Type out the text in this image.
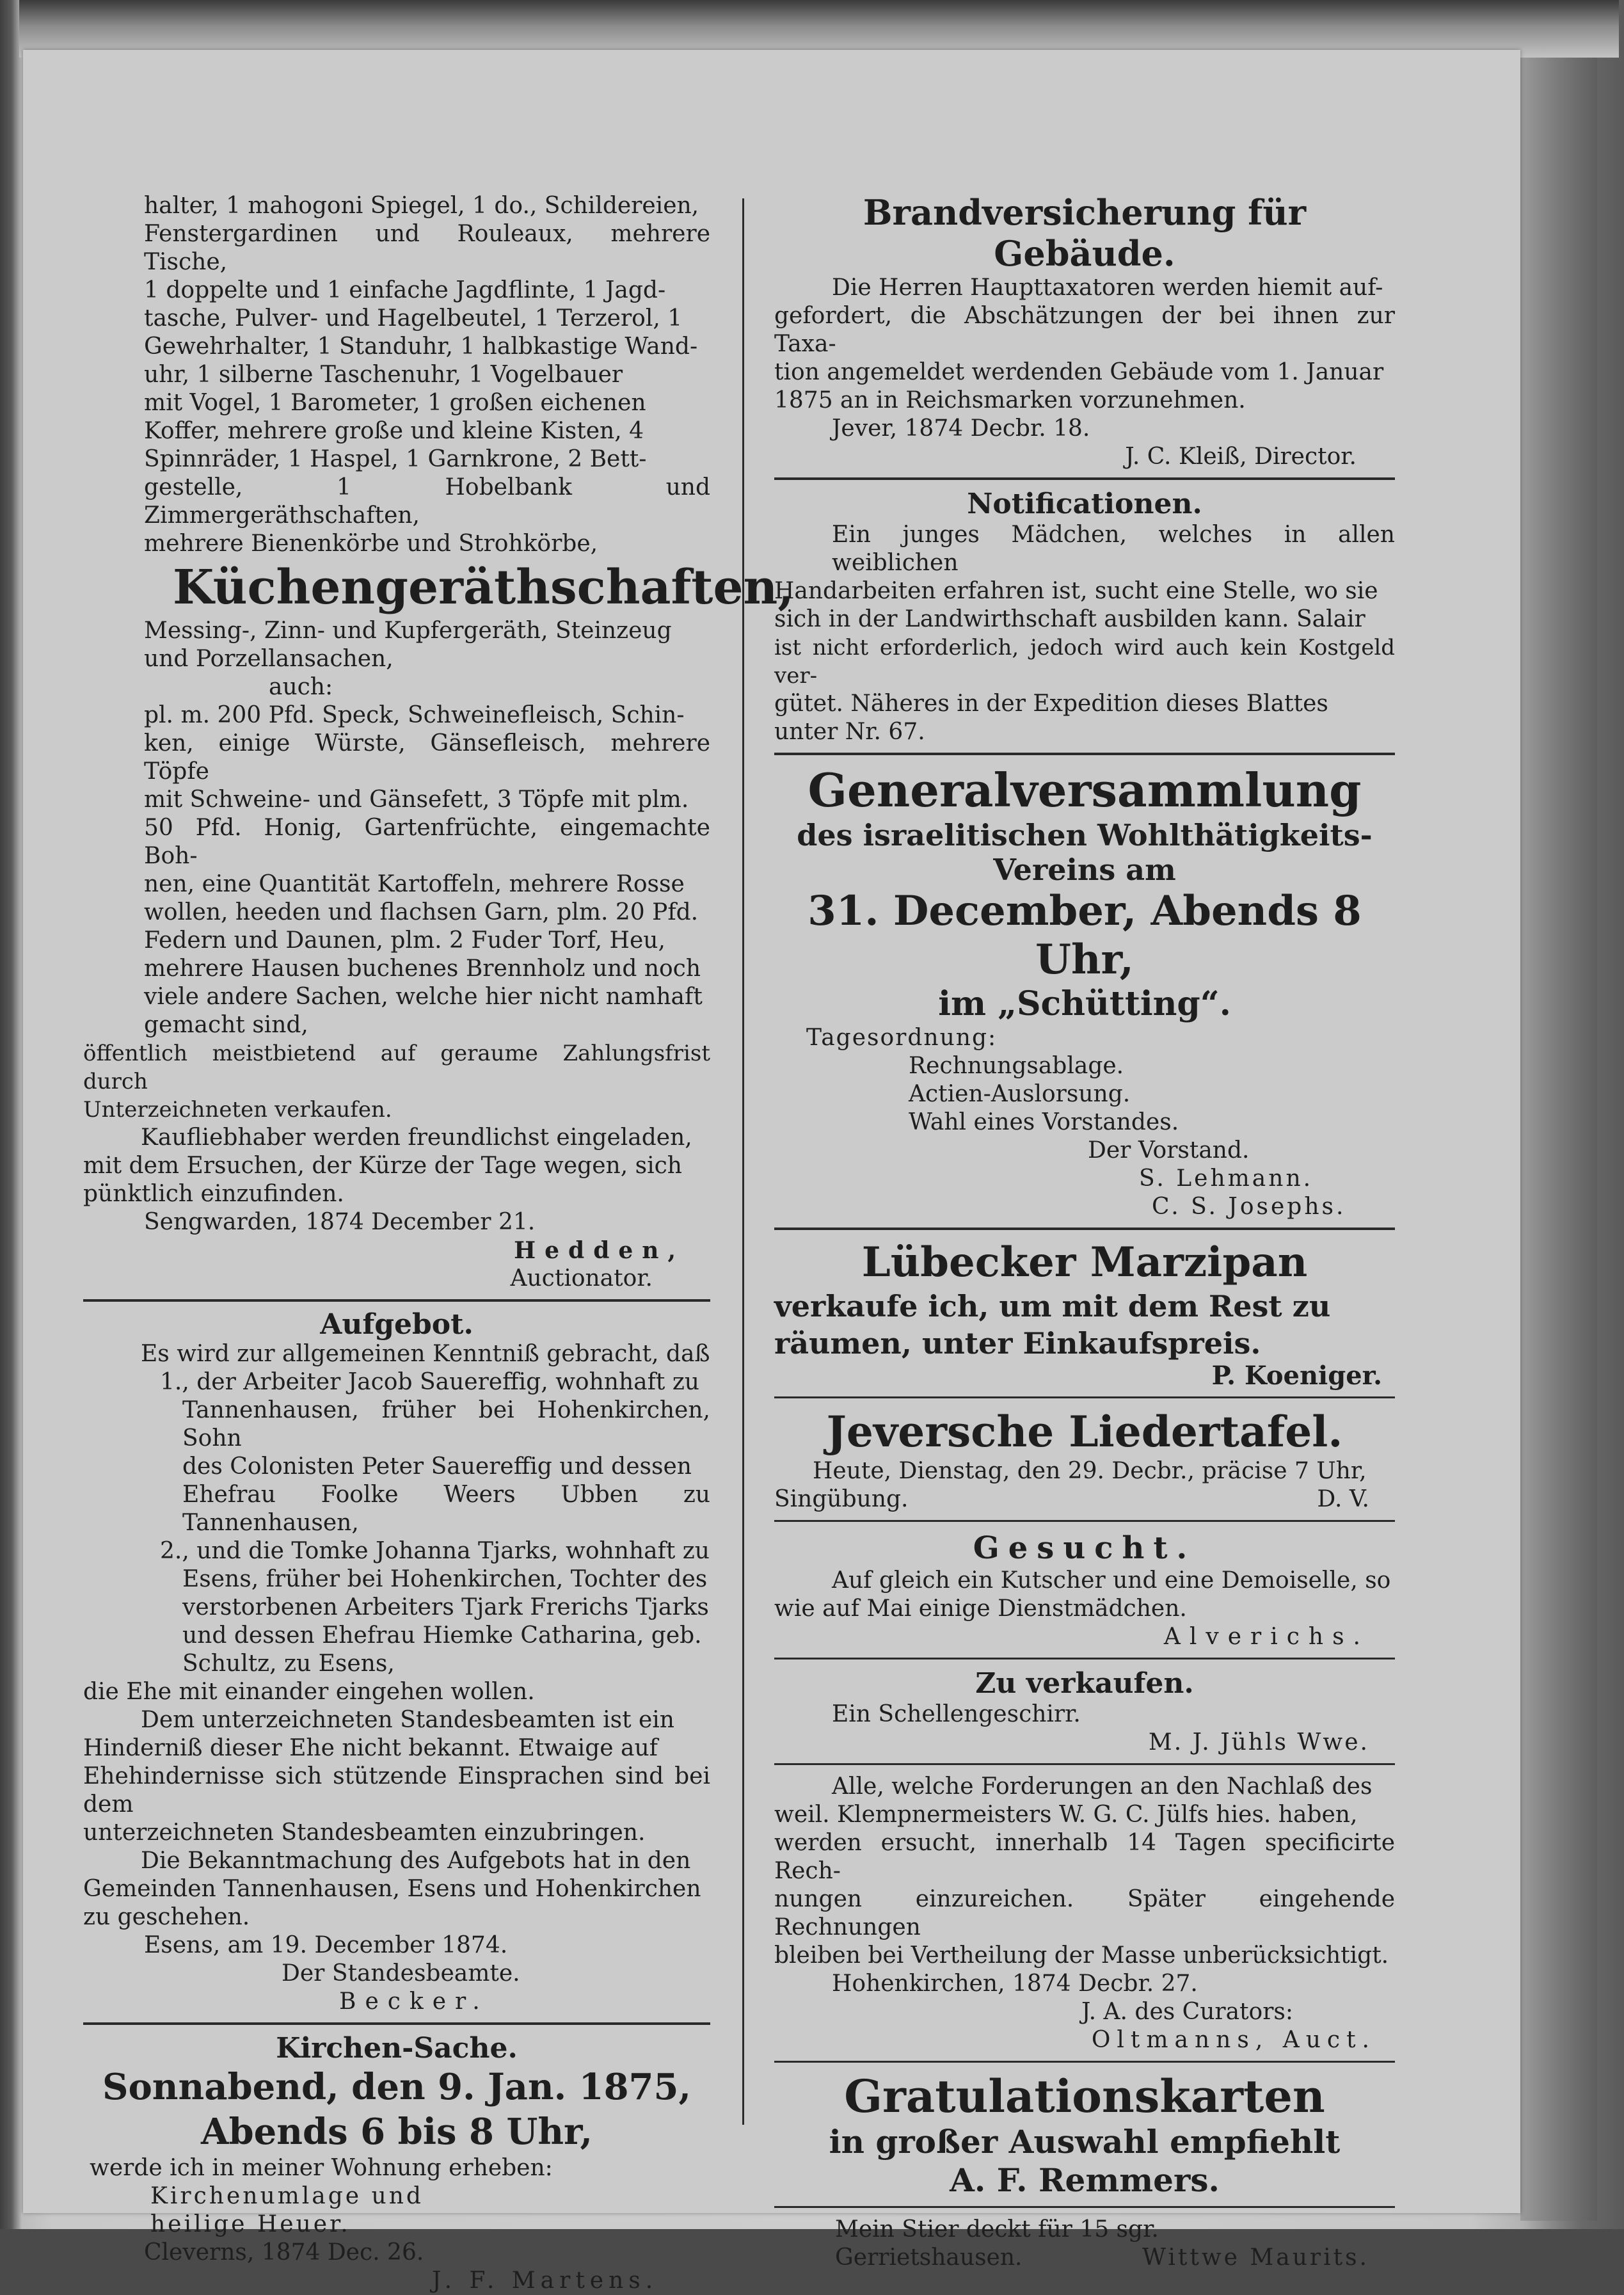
halter, 1 mahogoni Spiegel, 1 do., Schildereien,
Fenstergardinen und Rouleaux, mehrere Tische,
1 doppelte und 1 einfache Jagdflinte, 1 Jagd-
tasche, Pulver- und Hagelbeutel, 1 Terzerol, 1
Gewehrhalter, 1 Standuhr, 1 halbkastige Wand-
uhr, 1 silberne Taschenuhr, 1 Vogelbauer
mit Vogel, 1 Barometer, 1 großen eichenen
Koffer, mehrere große und kleine Kisten, 4
Spinnräder, 1 Haspel, 1 Garnkrone, 2 Bett-
gestelle, 1 Hobelbank und Zimmergeräthschaften,
mehrere Bienenkörbe und Strohkörbe,
Küchengeräthschaften,
Messing-, Zinn- und Kupfergeräth, Steinzeug
und Porzellansachen,
auch:
pl. m. 200 Pfd. Speck, Schweinefleisch, Schin-
ken, einige Würste, Gänsefleisch, mehrere Töpfe
mit Schweine- und Gänsefett, 3 Töpfe mit plm.
50 Pfd. Honig, Gartenfrüchte, eingemachte Boh-
nen, eine Quantität Kartoffeln, mehrere Rosse
wollen, heeden und flachsen Garn, plm. 20 Pfd.
Federn und Daunen, plm. 2 Fuder Torf, Heu,
mehrere Hausen buchenes Brennholz und noch
viele andere Sachen, welche hier nicht namhaft
gemacht sind,
öffentlich meistbietend auf geraume Zahlungsfrist durch
Unterzeichneten verkaufen.
Kaufliebhaber werden freundlichst eingeladen,
mit dem Ersuchen, der Kürze der Tage wegen, sich
pünktlich einzufinden.
Sengwarden, 1874 December 21.
Hedden,
Auctionator.
Aufgebot.
Es wird zur allgemeinen Kenntniß gebracht, daß
1., der Arbeiter Jacob Sauereffig, wohnhaft zu
Tannenhausen, früher bei Hohenkirchen, Sohn
des Colonisten Peter Sauereffig und dessen
Ehefrau Foolke Weers Ubben zu Tannenhausen,
2., und die Tomke Johanna Tjarks, wohnhaft zu
Esens, früher bei Hohenkirchen, Tochter des
verstorbenen Arbeiters Tjark Frerichs Tjarks
und dessen Ehefrau Hiemke Catharina, geb.
Schultz, zu Esens,
die Ehe mit einander eingehen wollen.
Dem unterzeichneten Standesbeamten ist ein
Hinderniß dieser Ehe nicht bekannt. Etwaige auf
Ehehindernisse sich stützende Einsprachen sind bei dem
unterzeichneten Standesbeamten einzubringen.
Die Bekanntmachung des Aufgebots hat in den
Gemeinden Tannenhausen, Esens und Hohenkirchen
zu geschehen.
Esens, am 19. December 1874.
Der Standesbeamte.
Becker.
Kirchen-Sache.
Sonnabend, den 9. Jan. 1875,
Abends 6 bis 8 Uhr,
werde ich in meiner Wohnung erheben:
Kirchenumlage und
heilige Heuer.
Cleverns, 1874 Dec. 26.
J. F. Martens.
Brandversicherung für Gebäude.
Die Herren Haupttaxatoren werden hiemit auf-
gefordert, die Abschätzungen der bei ihnen zur Taxa-
tion angemeldet werdenden Gebäude vom 1. Januar
1875 an in Reichsmarken vorzunehmen.
Jever, 1874 Decbr. 18.
J. C. Kleiß, Director.
Notificationen.
Ein junges Mädchen, welches in allen weiblichen
Handarbeiten erfahren ist, sucht eine Stelle, wo sie
sich in der Landwirthschaft ausbilden kann. Salair
ist nicht erforderlich, jedoch wird auch kein Kostgeld ver-
gütet. Näheres in der Expedition dieses Blattes
unter Nr. 67.
Generalversammlung
des israelitischen Wohlthätigkeits-
Vereins am
31. December, Abends 8 Uhr,
im „Schütting“.
Tagesordnung:
Rechnungsablage.
Actien-Auslorsung.
Wahl eines Vorstandes.
Der Vorstand.
S. Lehmann.
C. S. Josephs.
Lübecker Marzipan
verkaufe ich, um mit dem Rest zu
räumen, unter Einkaufspreis.
P. Koeniger.
Jeversche Liedertafel.
Heute, Dienstag, den 29. Decbr., präcise 7 Uhr,
Singübung.	D. V.
Gesucht.
Auf gleich ein Kutscher und eine Demoiselle, so
wie auf Mai einige Dienstmädchen.
Alverichs.
Zu verkaufen.
Ein Schellengeschirr.
M. J. Jühls Wwe.
Alle, welche Forderungen an den Nachlaß des
weil. Klempnermeisters W. G. C. Jülfs hies. haben,
werden ersucht, innerhalb 14 Tagen specificirte Rech-
nungen einzureichen. Später eingehende Rechnungen
bleiben bei Vertheilung der Masse unberücksichtigt.
Hohenkirchen, 1874 Decbr. 27.
J. A. des Curators:
Oltmanns, Auct.
Gratulationskarten
in großer Auswahl empfiehlt
A. F. Remmers.
Mein Stier deckt für 15 sgr.
Gerrietshausen.	Wittwe Maurits.
